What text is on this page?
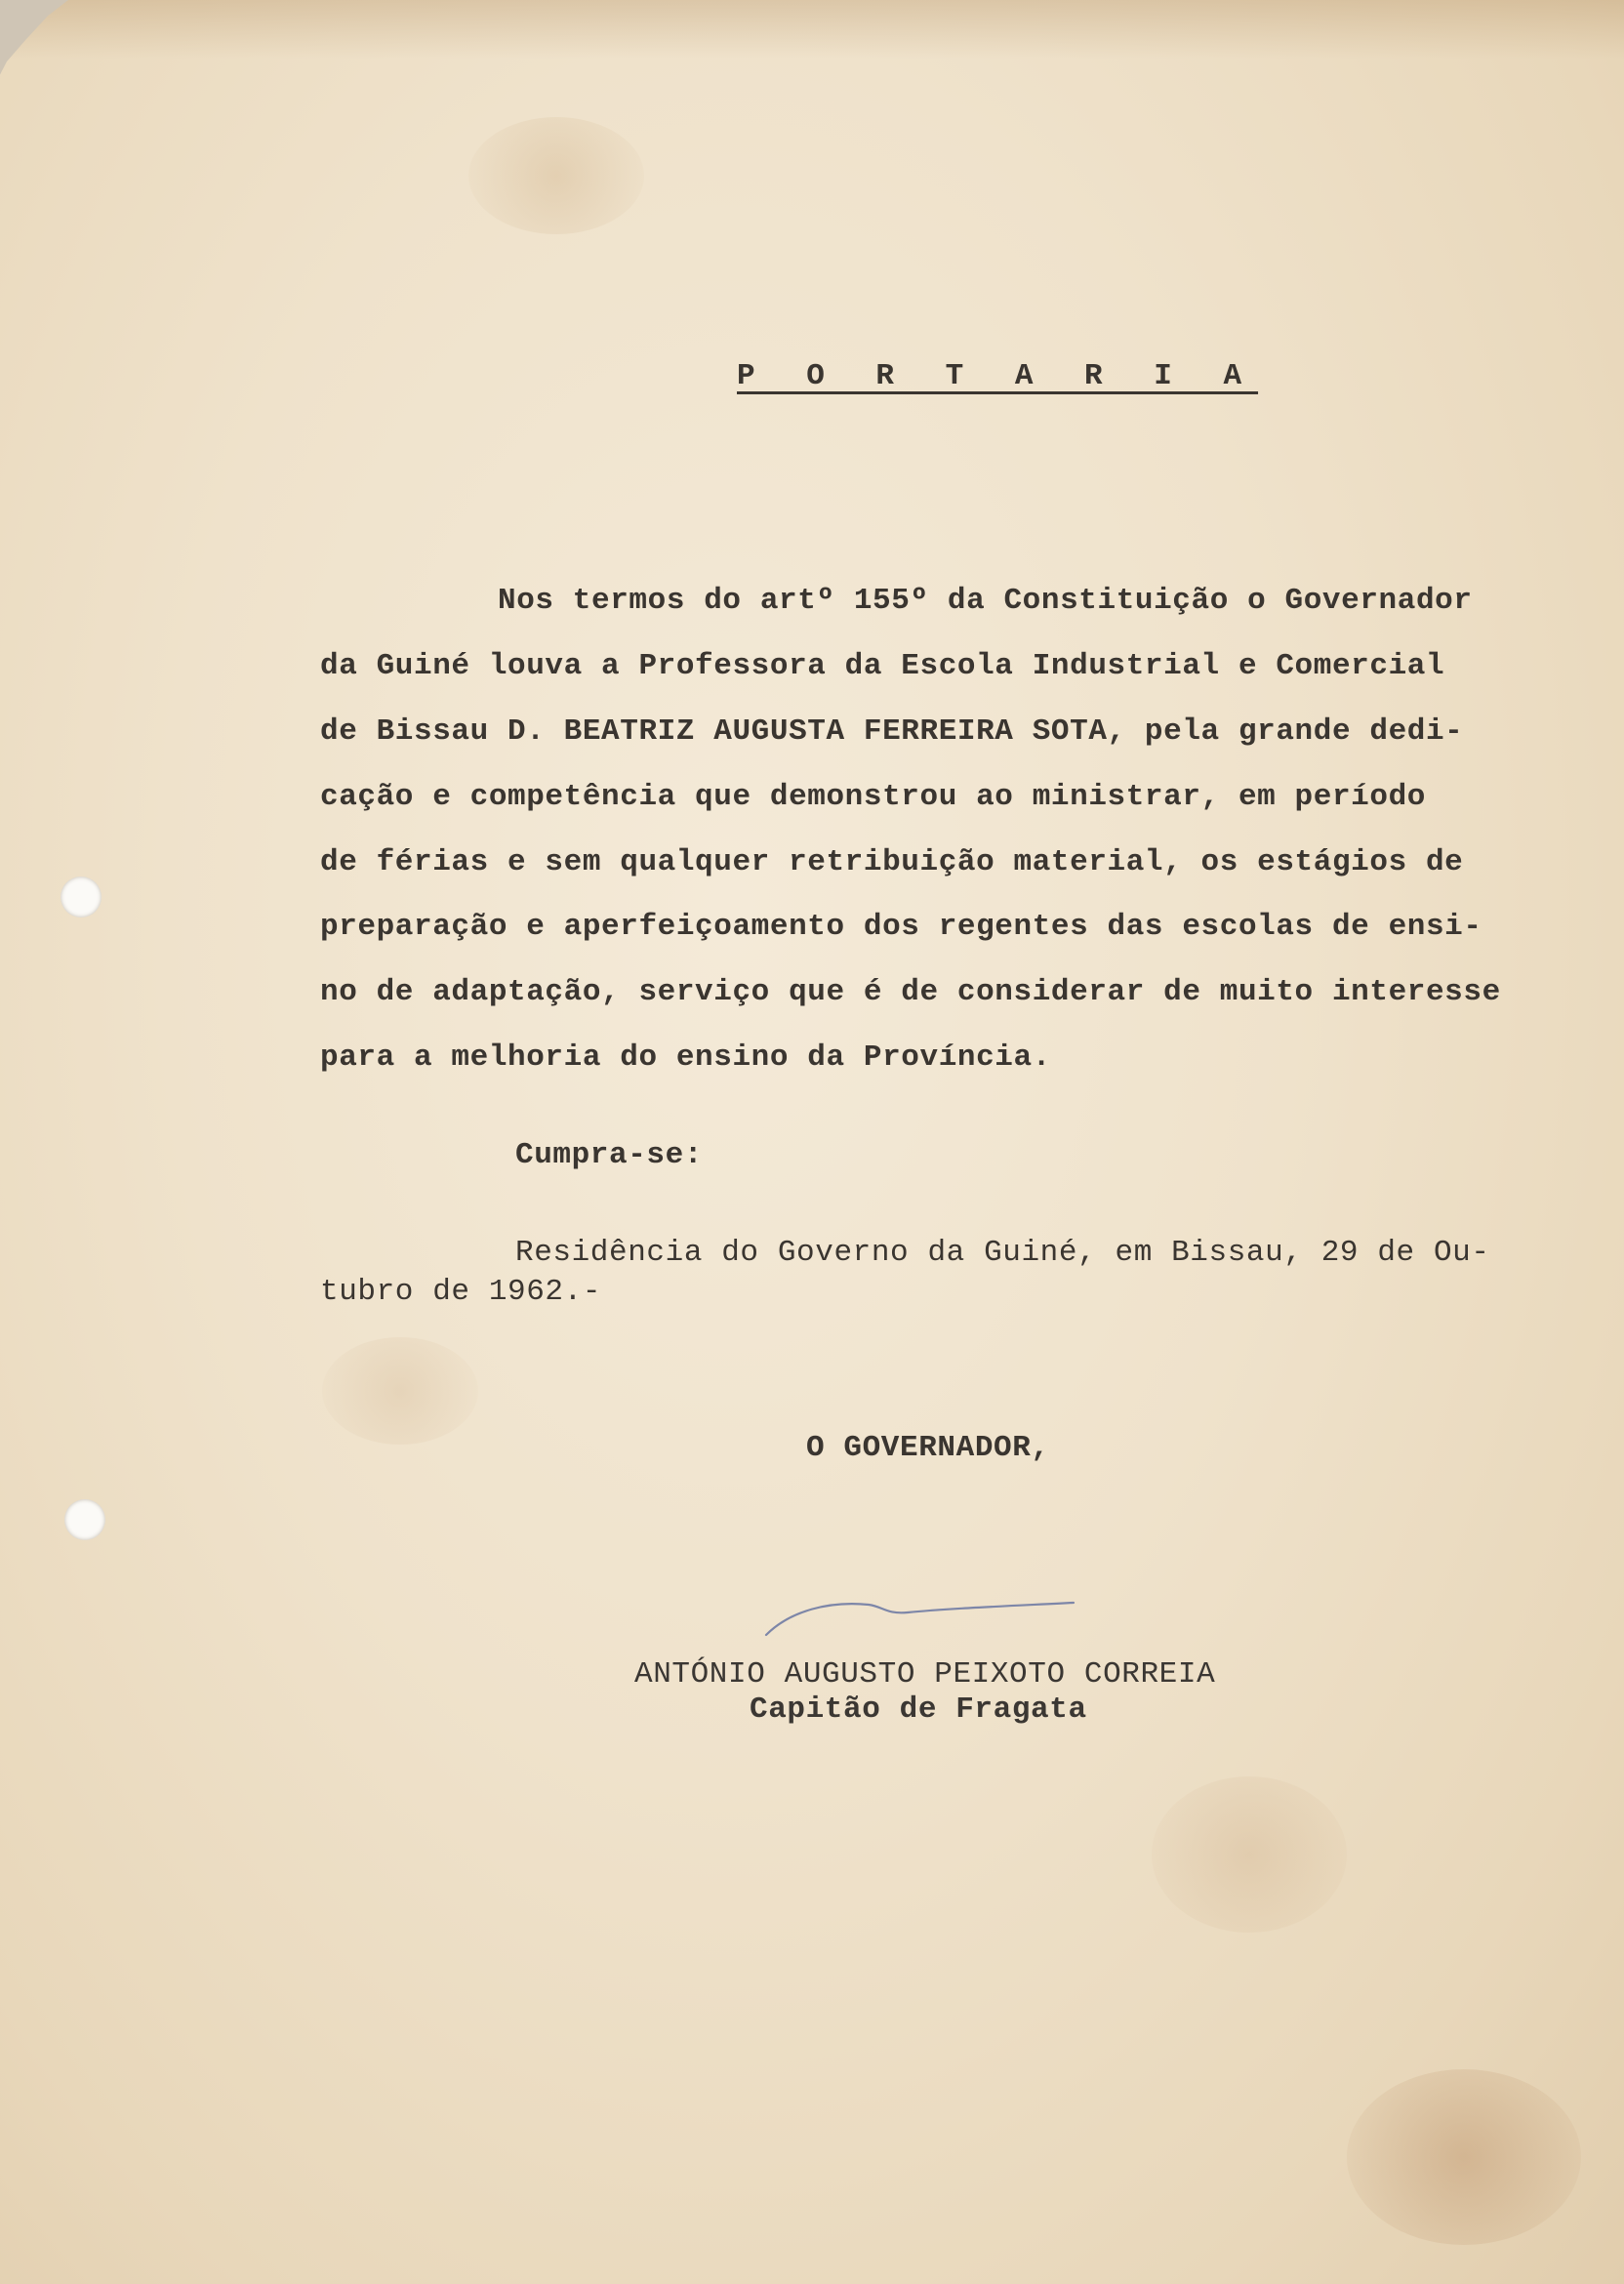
P O R T A R I A
Nos termos do artº 155º da Constituição o Governador
da Guiné louva a Professora da Escola Industrial e Comercial
de Bissau D. BEATRIZ AUGUSTA FERREIRA SOTA, pela grande dedi-
cação e competência que demonstrou ao ministrar, em período
de férias e sem qualquer retribuição material, os estágios de
preparação e aperfeiçoamento dos regentes das escolas de ensi-
no de adaptação, serviço que é de considerar de muito interesse
para a melhoria do ensino da Província.
Cumpra-se:
Residência do Governo da Guiné, em Bissau, 29 de Ou-
tubro de 1962.-
O GOVERNADOR,
ANTÓNIO AUGUSTO PEIXOTO CORREIA
Capitão de Fragata
